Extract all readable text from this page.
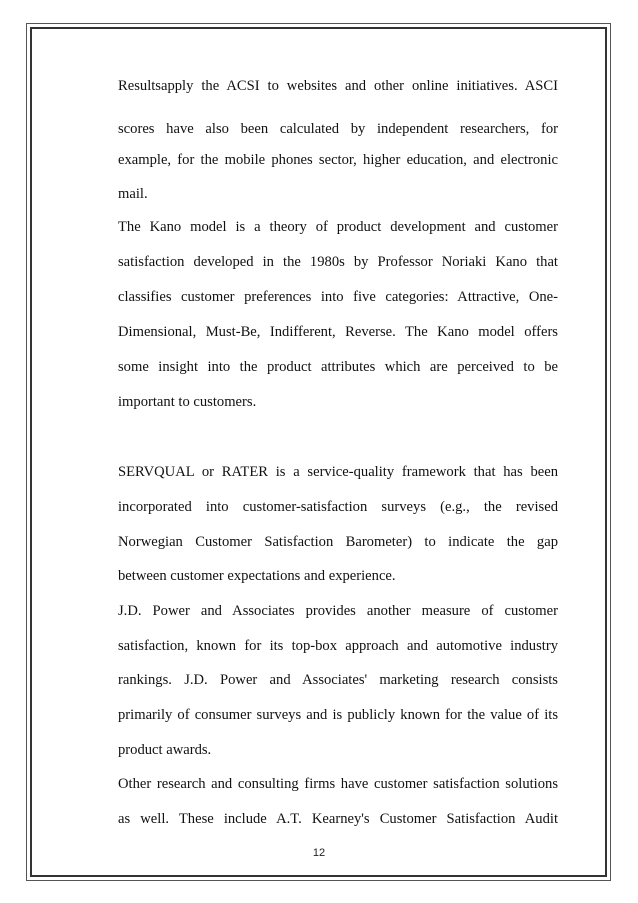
Resultsapply the ACSI to websites and other online initiatives. ASCI
scores have also been calculated by independent researchers, for
example, for the mobile phones sector, higher education, and electronic
mail.
The Kano model is a theory of product development and customer
satisfaction developed in the 1980s by Professor Noriaki Kano that
classifies customer preferences into five categories: Attractive, One-
Dimensional, Must-Be, Indifferent, Reverse. The Kano model offers
some insight into the product attributes which are perceived to be
important to customers.
SERVQUAL or RATER is a service-quality framework that has been
incorporated into customer-satisfaction surveys (e.g., the revised
Norwegian Customer Satisfaction Barometer) to indicate the gap
between customer expectations and experience.
J.D. Power and Associates provides another measure of customer
satisfaction, known for its top-box approach and automotive industry
rankings. J.D. Power and Associates' marketing research consists
primarily of consumer surveys and is publicly known for the value of its
product awards.
Other research and consulting firms have customer satisfaction solutions
as well. These include A.T. Kearney's Customer Satisfaction Audit
12
